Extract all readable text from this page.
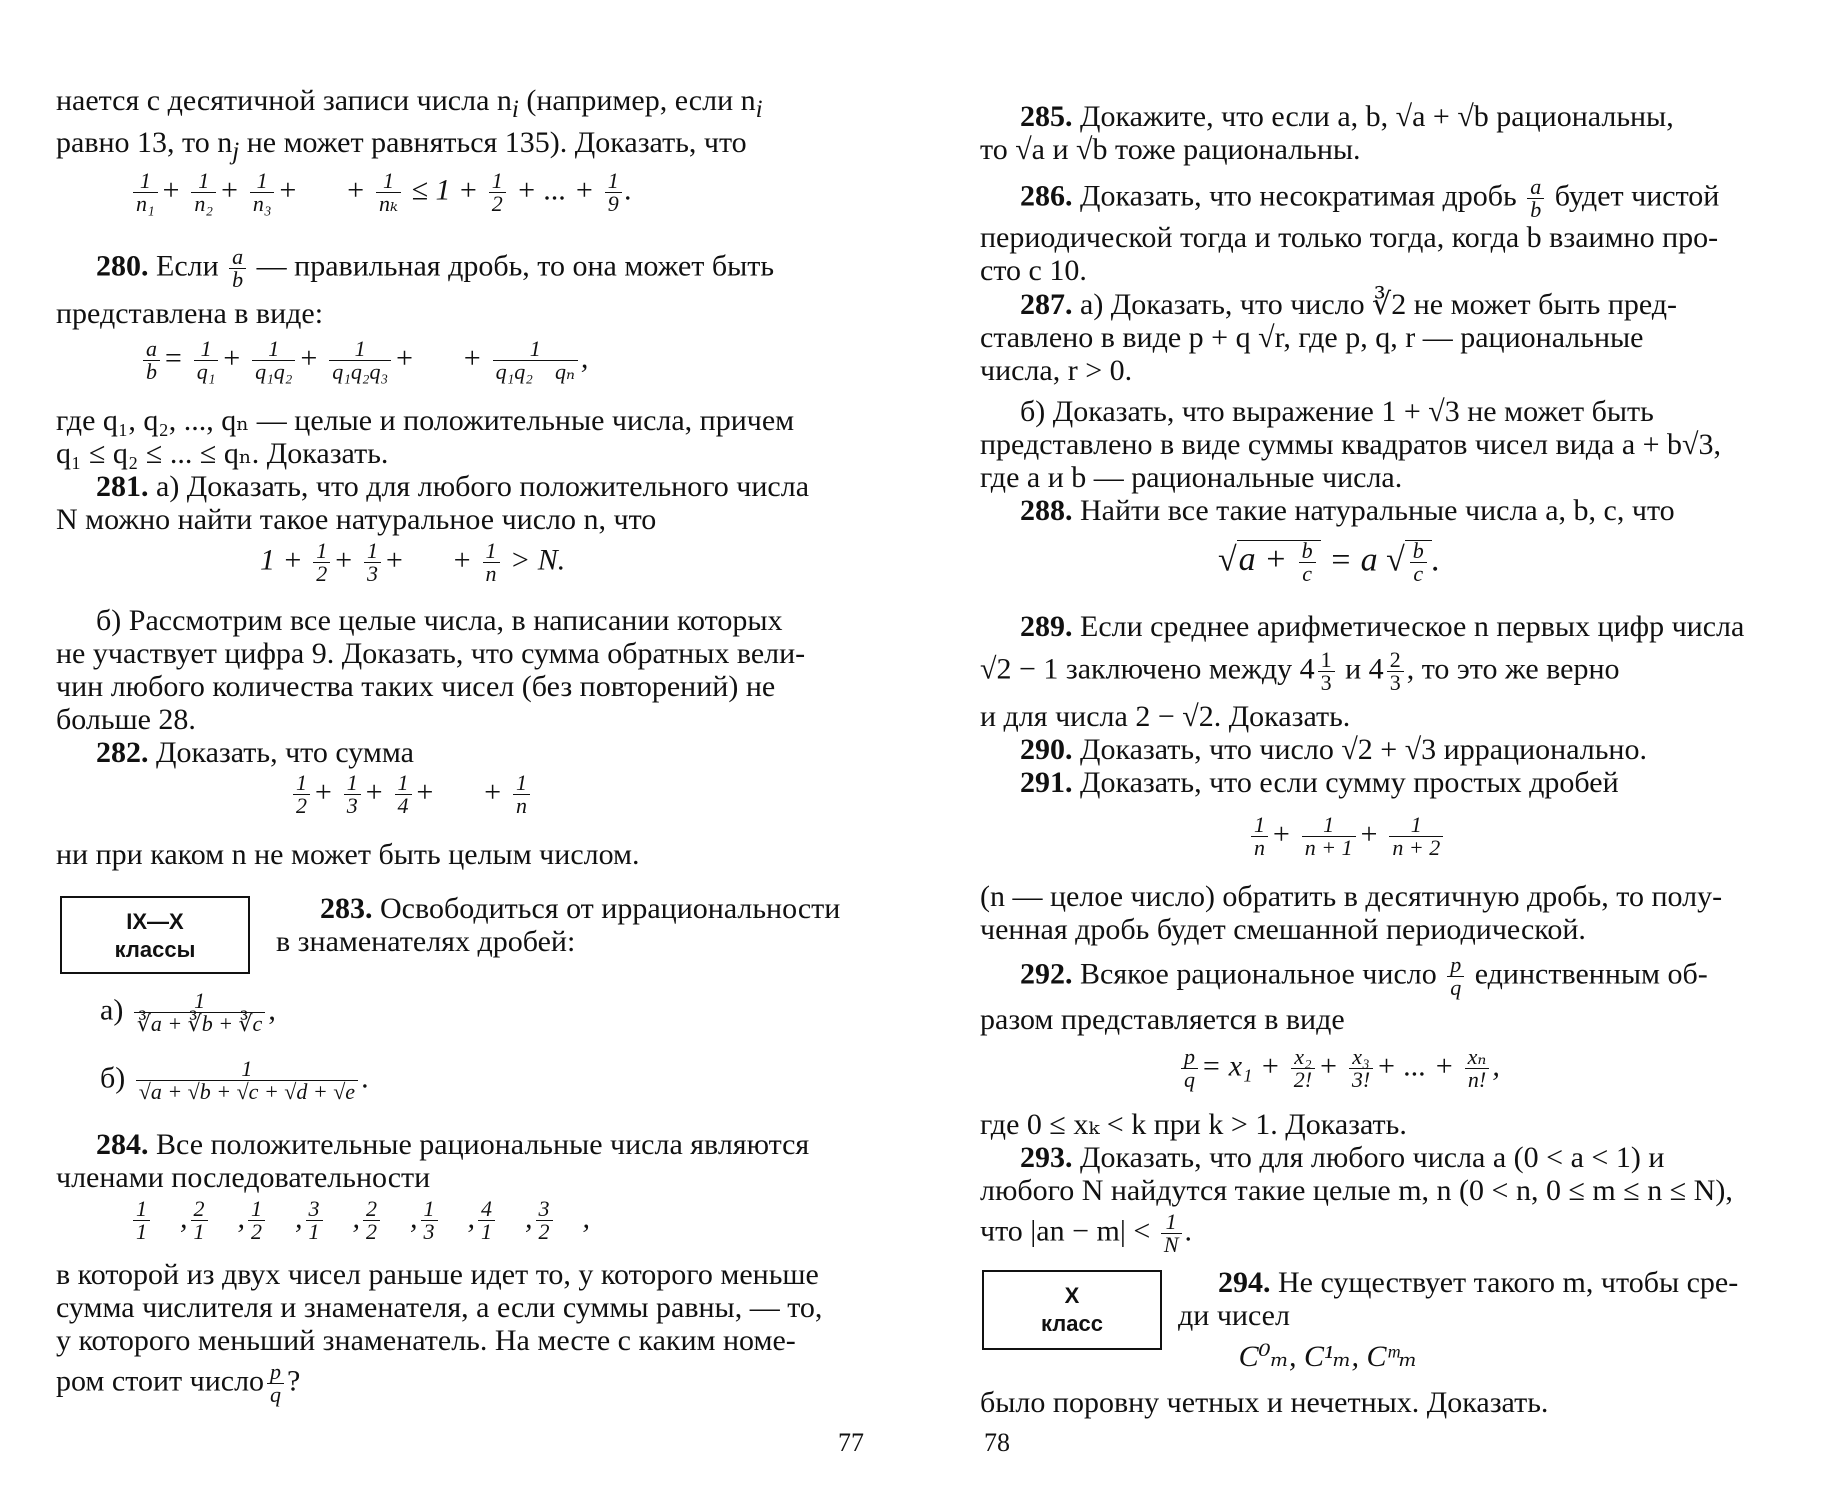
нается с десятичной записи числа $n_i$ (например, если $n_i$
равно 13, то $n_j$ не может равняться 135). Доказать, что
$\frac{1}{\text{n₁}} + \frac{1}{\text{n₂}} + \frac{1}{\text{n₃}}$ + + $\frac{1}{\text{nₖ}} \le 1 + \frac{1}{2}$ + ... + $\frac{1}{9}$ .
280. Если $\frac{a}{b}$ — правильная дробь, то она может быть
представлена в виде:
$\frac{a}{b} = \frac{1}{\text{q₁}} + \frac{1}{\text{q₁q₂}} + \frac{1}{\text{q₁q₂q₃}}$ + + $\frac{1}{\text{q₁q₂    qₙ}}$ ,
где q₁, q₂, ..., qₙ — целые и положительные числа, причем
q₁ ≤ q₂ ≤ ... ≤ qₙ. Доказать.
281. а) Доказать, что для любого положительного числа
N можно найти такое натуральное число n, что
$1 + \frac{1}{2} + \frac{1}{3}$ + + $\frac{1}{n} > N$.
б) Рассмотрим все целые числа, в написании которых
не участвует цифра 9. Доказать, что сумма обратных вели-
чин любого количества таких чисел (без повторений) не
больше 28.
282. Доказать, что сумма
$\frac{1}{2} + \frac{1}{3} + \frac{1}{4}$ + + $\frac{1}{n}$
ни при каком n не может быть целым числом.
IX—X
классы
283. Освободиться от иррациональности
в знаменателях дробей:
$а) \frac{1}{∛a + ∛b + ∛c}$ ,
$б) \frac{1}{√a + √b + √c + √d + √e}$ .
284. Все положительные рациональные числа являются
членами последовательности
$\frac{1}{1}$ , $\frac{2}{1}$ , $\frac{1}{2}$ , $\frac{3}{1}$ , $\frac{2}{2}$ , $\frac{1}{3}$ , $\frac{4}{1}$ , $\frac{3}{2}$ ,
в которой из двух чисел раньше идет то, у которого меньше
сумма числителя и знаменателя, а если суммы равны, — то,
у которого меньший знаменатель. На месте с каким номе-
ром стоит число $\frac{p}{q}$ ?
77
285. Докажите, что если a, b, √a + √b рациональны,
то √a и √b тоже рациональны.
286. Доказать, что несократимая дробь $\frac{a}{b}$ будет чистой
периодической тогда и только тогда, когда b взаимно про-
сто с 10.
287. а) Доказать, что число ∛2 не может быть пред-
ставлено в виде p + q √r, где p, q, r — рациональные
числа, r > 0.
б) Доказать, что выражение 1 + √3 не может быть
представлено в виде суммы квадратов чисел вида a + b√3,
где a и b — рациональные числа.
288. Найти все такие натуральные числа a, b, c, что
$√a + \frac{b}{c} = a$ √ $\frac{b}{c}$ .
289. Если среднее арифметическое n первых цифр числа
√2 − 1 заключено между $4 \frac{1}{3}$ и $4 \frac{2}{3}$ , то это же верно
и для числа 2 − √2. Доказать.
290. Доказать, что число √2 + √3 иррационально.
291. Доказать, что если сумму простых дробей
$\frac{1}{n} + \frac{1}{n + 1} + \frac{1}{n + 2}$
(n — целое число) обратить в десятичную дробь, то полу-
ченная дробь будет смешанной периодической.
292. Всякое рациональное число $\frac{p}{q}$ единственным об-
разом представляется в виде
$\frac{p}{q} = x_1 + \frac{\text{x₂}}{2!} + \frac{\text{x₃}}{3!}$ + ... + $\frac{\text{xₙ}}{n!}$ ,
где 0 ≤ xₖ < k при k > 1. Доказать.
293. Доказать, что для любого числа a (0 < a < 1) и
любого N найдутся такие целые m, n (0 < n, 0 ≤ m ≤ n ≤ N),
что $|an - m| < \frac{1}{N}$ .
X
класс
294. Не существует такого m, чтобы сре-
ди чисел
C⁰ₘ, C¹ₘ, Cᵐₘ
было поровну четных и нечетных. Доказать.
78
